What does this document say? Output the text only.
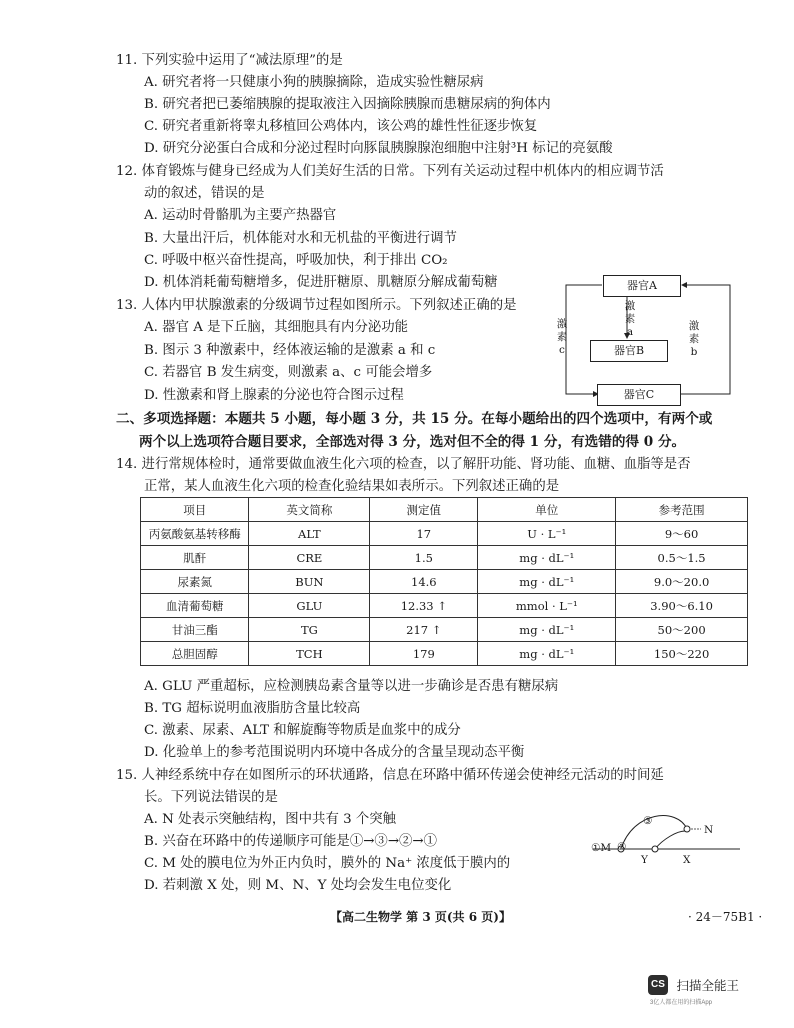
11. 下列实验中运用了“减法原理”的是
A. 研究者将一只健康小狗的胰腺摘除，造成实验性糖尿病
B. 研究者把已萎缩胰腺的提取液注入因摘除胰腺而患糖尿病的狗体内
C. 研究者重新将睾丸移植回公鸡体内，该公鸡的雄性性征逐步恢复
D. 研究分泌蛋白合成和分泌过程时向豚鼠胰腺腺泡细胞中注射³H 标记的亮氨酸
12. 体育锻炼与健身已经成为人们美好生活的日常。下列有关运动过程中机体内的相应调节活
动的叙述，错误的是
A. 运动时骨骼肌为主要产热器官
B. 大量出汗后，机体能对水和无机盐的平衡进行调节
C. 呼吸中枢兴奋性提高，呼吸加快，利于排出 CO₂
D. 机体消耗葡萄糖增多，促进肝糖原、肌糖原分解成葡萄糖
13. 人体内甲状腺激素的分级调节过程如图所示。下列叙述正确的是
A. 器官 A 是下丘脑，其细胞具有内分泌功能
B. 图示 3 种激素中，经体液运输的是激素 a 和 c
C. 若器官 B 发生病变，则激素 a、c 可能会增多
D. 性激素和肾上腺素的分泌也符合图示过程
器官A
器官B
器官C
激
素
a	激
素
b
激
素
c
二、多项选择题：本题共 5 小题，每小题 3 分，共 15 分。在每小题给出的四个选项中，有两个或
两个以上选项符合题目要求，全部选对得 3 分，选对但不全的得 1 分，有选错的得 0 分。
14. 进行常规体检时，通常要做血液生化六项的检查，以了解肝功能、肾功能、血糖、血脂等是否
正常，某人血液生化六项的检查化验结果如表所示。下列叙述正确的是
项目	英文简称	测定值	单位	参考范围
丙氨酸氨基转移酶	ALT	17	U · L⁻¹	9～60
肌酐	CRE	1.5	mg · dL⁻¹	0.5～1.5
尿素氮	BUN	14.6	mg · dL⁻¹	9.0～20.0
血清葡萄糖	GLU	12.33 ↑	mmol · L⁻¹	3.90～6.10
甘油三酯	TG	217 ↑	mg · dL⁻¹	50～200
总胆固醇	TCH	179	mg · dL⁻¹	150～220
A. GLU 严重超标，应检测胰岛素含量等以进一步确诊是否患有糖尿病
B. TG 超标说明血液脂肪含量比较高
C. 激素、尿素、ALT 和解旋酶等物质是血浆中的成分
D. 化验单上的参考范围说明内环境中各成分的含量呈现动态平衡
15. 人神经系统中存在如图所示的环状通路，信息在环路中循环传递会使神经元活动的时间延
长。下列说法错误的是
A. N 处表示突触结构，图中共有 3 个突触
B. 兴奋在环路中的传递顺序可能是①→③→②→①
C. M 处的膜电位为外正内负时，膜外的 Na⁺ 浓度低于膜内的
D. 若刺激 X 处，则 M、N、Y 处均会发生电位变化
①M ②
③
N
Y	X
【高二生物学 第 3 页(共 6 页)】	· 24－75B1 ·
CS 扫描全能王
3亿人都在用的扫描App
